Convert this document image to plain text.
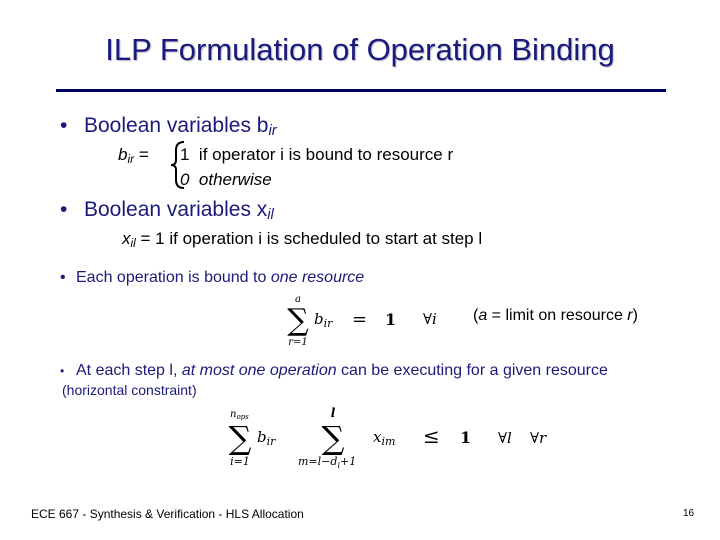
ILP Formulation of Operation Binding
• Boolean variables $b_{ir}$
$b_{ir} = 1$ if operator i is bound to resource r
0 otherwise
• Boolean variables $x_{il}$
$x_{il} = 1$ if operation i is scheduled to start at step l
• Each operation is bound to one resource
a
∑
r=1
$b_{ir} = 1$ ∀i (a = limit on resource r)
• At each step l, at most one operation can be executing for a given resource
(horizontal constraint)
$n_{ops}$
∑
i=1
$b_{ir}$
l
∑
$m=l-d_i+1$
$x_{im} \le 1$ ∀l ∀r
ECE 667 - Synthesis & Verification - HLS Allocation	16
